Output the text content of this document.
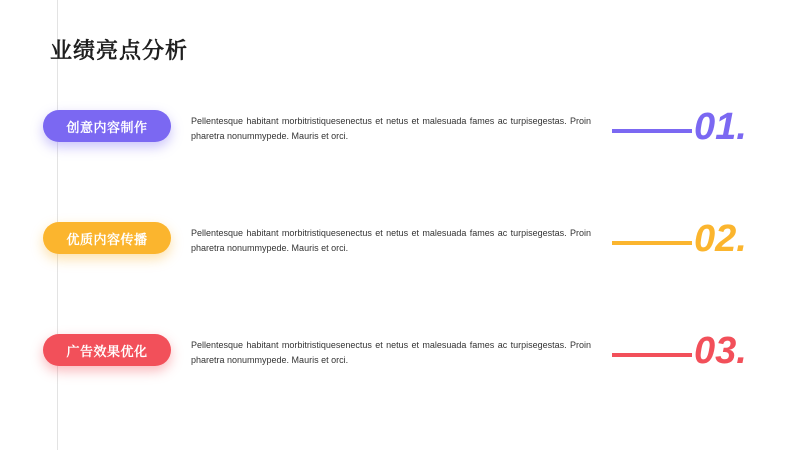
业绩亮点分析
创意内容制作	Pellentesque habitant morbitristiquesenectus et netus et malesuada fames ac turpisegestas. Proin pharetra nonummypede. Mauris et orci.	01.
优质内容传播	Pellentesque habitant morbitristiquesenectus et netus et malesuada fames ac turpisegestas. Proin pharetra nonummypede. Mauris et orci.	02.
广告效果优化	Pellentesque habitant morbitristiquesenectus et netus et malesuada fames ac turpisegestas. Proin pharetra nonummypede. Mauris et orci.	03.
